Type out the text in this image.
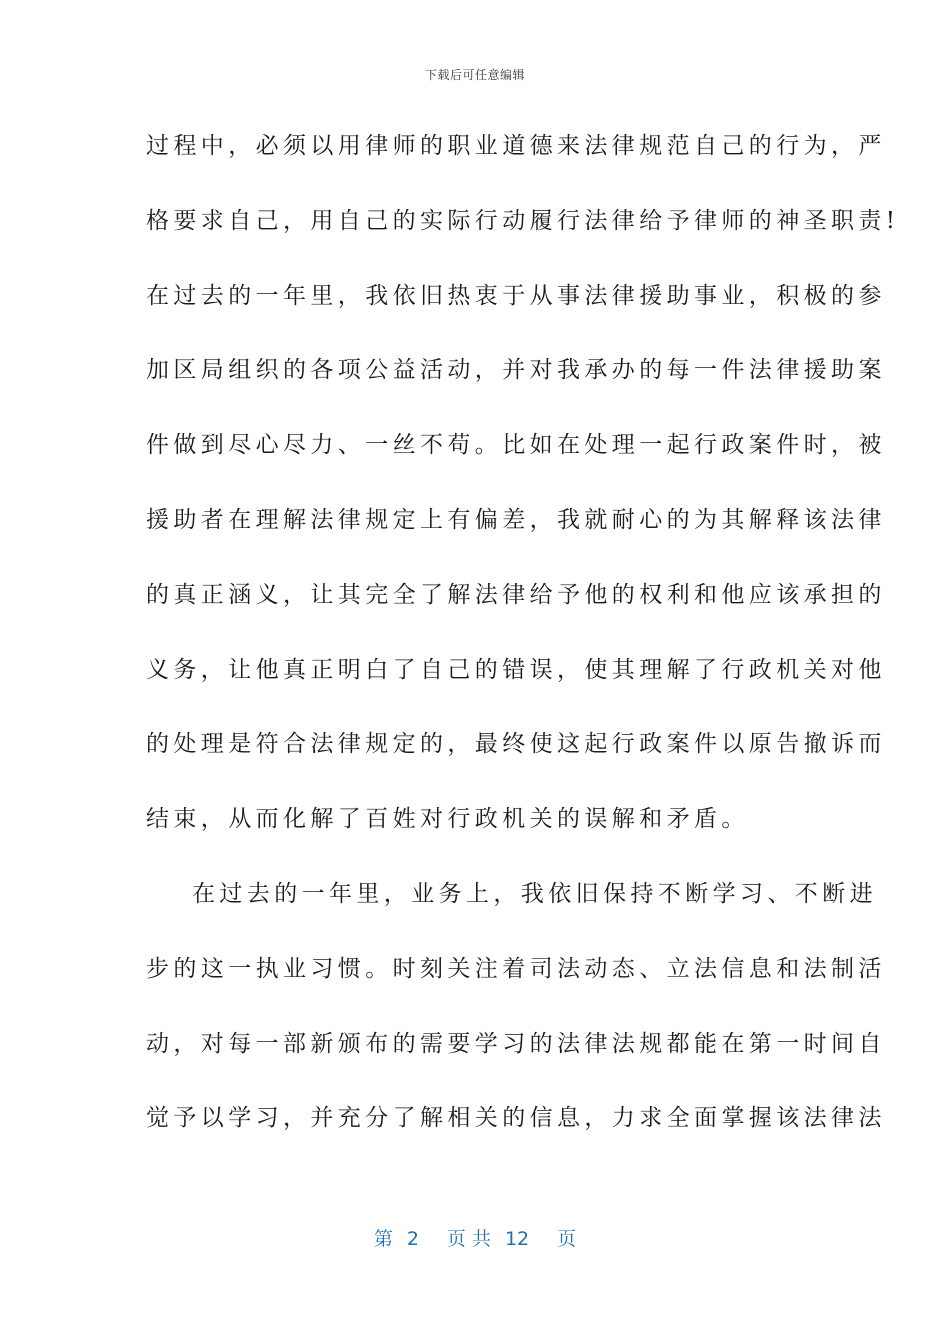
下载后可任意编辑
过程中，必须以用律师的职业道德来法律规范自己的行为，严
格要求自己，用自己的实际行动履行法律给予律师的神圣职责!
在过去的一年里，我依旧热衷于从事法律援助事业，积极的参
加区局组织的各项公益活动，并对我承办的每一件法律援助案
件做到尽心尽力、一丝不苟。比如在处理一起行政案件时，被
援助者在理解法律规定上有偏差，我就耐心的为其解释该法律
的真正涵义，让其完全了解法律给予他的权利和他应该承担的
义务，让他真正明白了自己的错误，使其理解了行政机关对他
的处理是符合法律规定的，最终使这起行政案件以原告撤诉而
结束，从而化解了百姓对行政机关的误解和矛盾。
在过去的一年里，业务上，我依旧保持不断学习、不断进
步的这一执业习惯。时刻关注着司法动态、立法信息和法制活
动，对每一部新颁布的需要学习的法律法规都能在第一时间自
觉予以学习，并充分了解相关的信息，力求全面掌握该法律法
第 2 页 共 12 页
